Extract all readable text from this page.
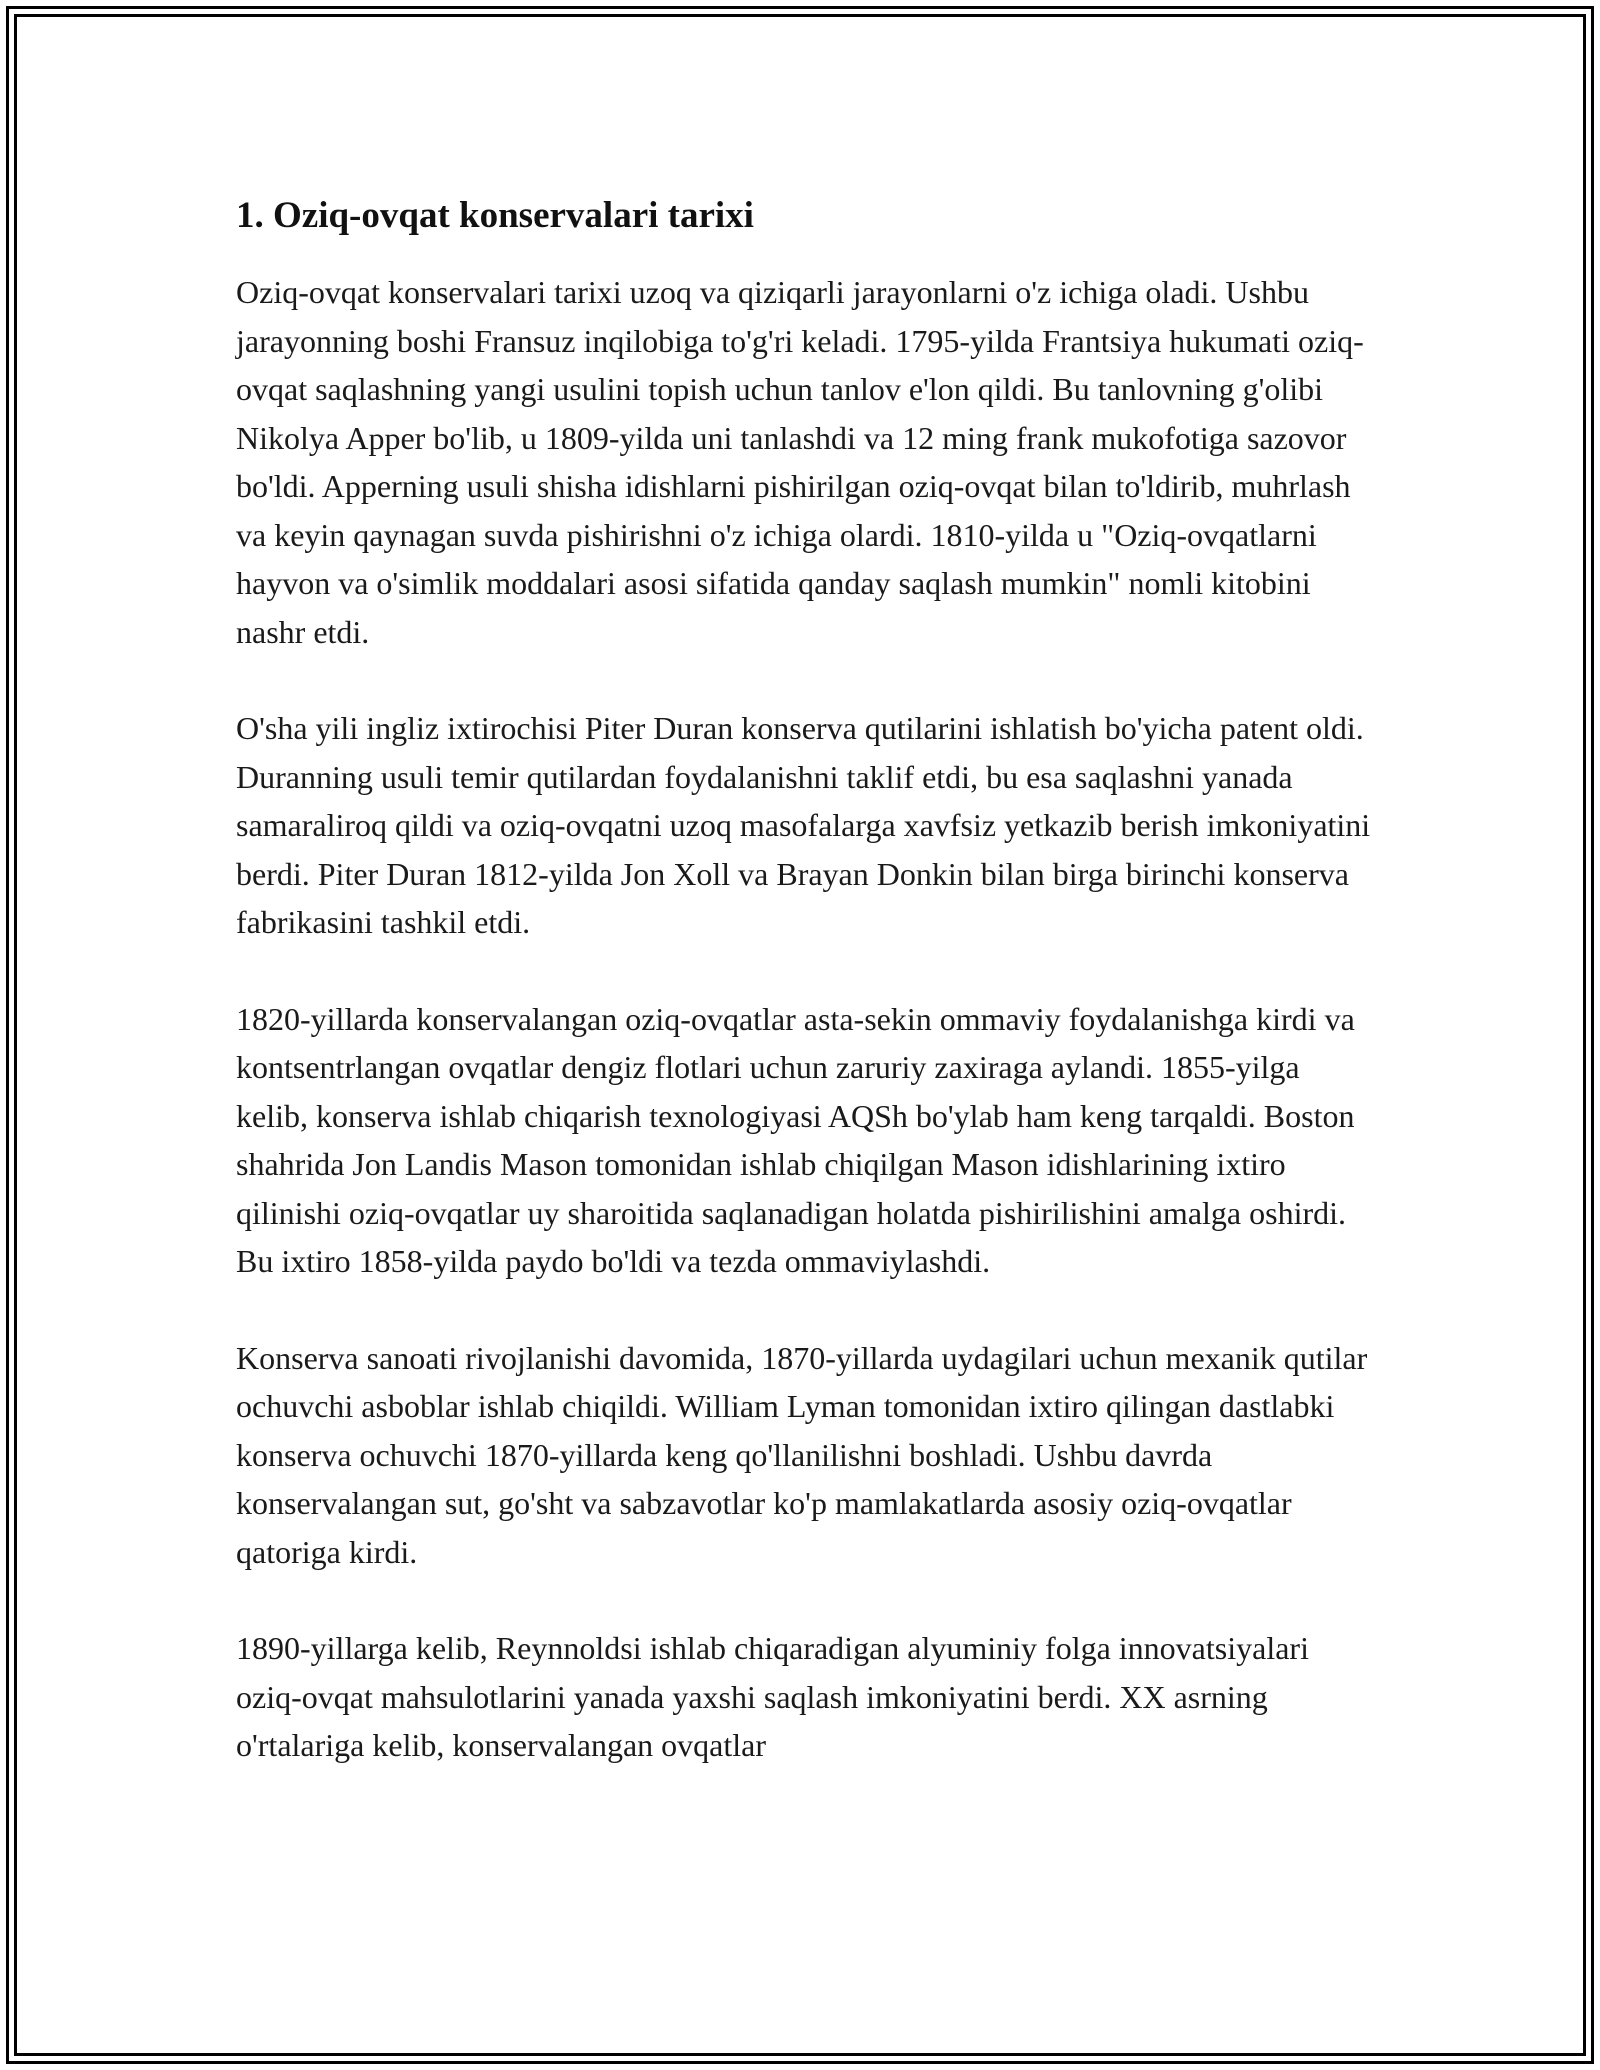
1. Oziq-ovqat konservalari tarixi

Oziq-ovqat konservalari tarixi uzoq va qiziqarli jarayonlarni o'z ichiga oladi. Ushbu jarayonning boshi Fransuz inqilobiga to'g'ri keladi. 1795-yilda Frantsiya hukumati oziq-ovqat saqlashning yangi usulini topish uchun tanlov e'lon qildi. Bu tanlovning g'olibi Nikolya Apper bo'lib, u 1809-yilda uni tanlashdi va 12 ming frank mukofotiga sazovor bo'ldi. Apperning usuli shisha idishlarni pishirilgan oziq-ovqat bilan to'ldirib, muhrlash va keyin qaynagan suvda pishirishni o'z ichiga olardi. 1810-yilda u "Oziq-ovqatlarni hayvon va o'simlik moddalari asosi sifatida qanday saqlash mumkin" nomli kitobini nashr etdi.

O'sha yili ingliz ixtirochisi Piter Duran konserva qutilarini ishlatish bo'yicha patent oldi. Duranning usuli temir qutilardan foydalanishni taklif etdi, bu esa saqlashni yanada samaraliroq qildi va oziq-ovqatni uzoq masofalarga xavfsiz yetkazib berish imkoniyatini berdi. Piter Duran 1812-yilda Jon Xoll va Brayan Donkin bilan birga birinchi konserva fabrikasini tashkil etdi.

1820-yillarda konservalangan oziq-ovqatlar asta-sekin ommaviy foydalanishga kirdi va kontsentrlangan ovqatlar dengiz flotlari uchun zaruriy zaxiraga aylandi. 1855-yilga kelib, konserva ishlab chiqarish texnologiyasi AQSh bo'ylab ham keng tarqaldi. Boston shahrida Jon Landis Mason tomonidan ishlab chiqilgan Mason idishlarining ixtiro qilinishi oziq-ovqatlar uy sharoitida saqlanadigan holatda pishirilishini amalga oshirdi. Bu ixtiro 1858-yilda paydo bo'ldi va tezda ommaviylashdi.

Konserva sanoati rivojlanishi davomida, 1870-yillarda uydagilari uchun mexanik qutilar ochuvchi asboblar ishlab chiqildi. William Lyman tomonidan ixtiro qilingan dastlabki konserva ochuvchi 1870-yillarda keng qo'llanilishni boshladi. Ushbu davrda konservalangan sut, go'sht va sabzavotlar ko'p mamlakatlarda asosiy oziq-ovqatlar qatoriga kirdi.

1890-yillarga kelib, Reynnoldsi ishlab chiqaradigan alyuminiy folga innovatsiyalari oziq-ovqat mahsulotlarini yanada yaxshi saqlash imkoniyatini berdi. XX asrning o'rtalariga kelib, konservalangan ovqatlar
